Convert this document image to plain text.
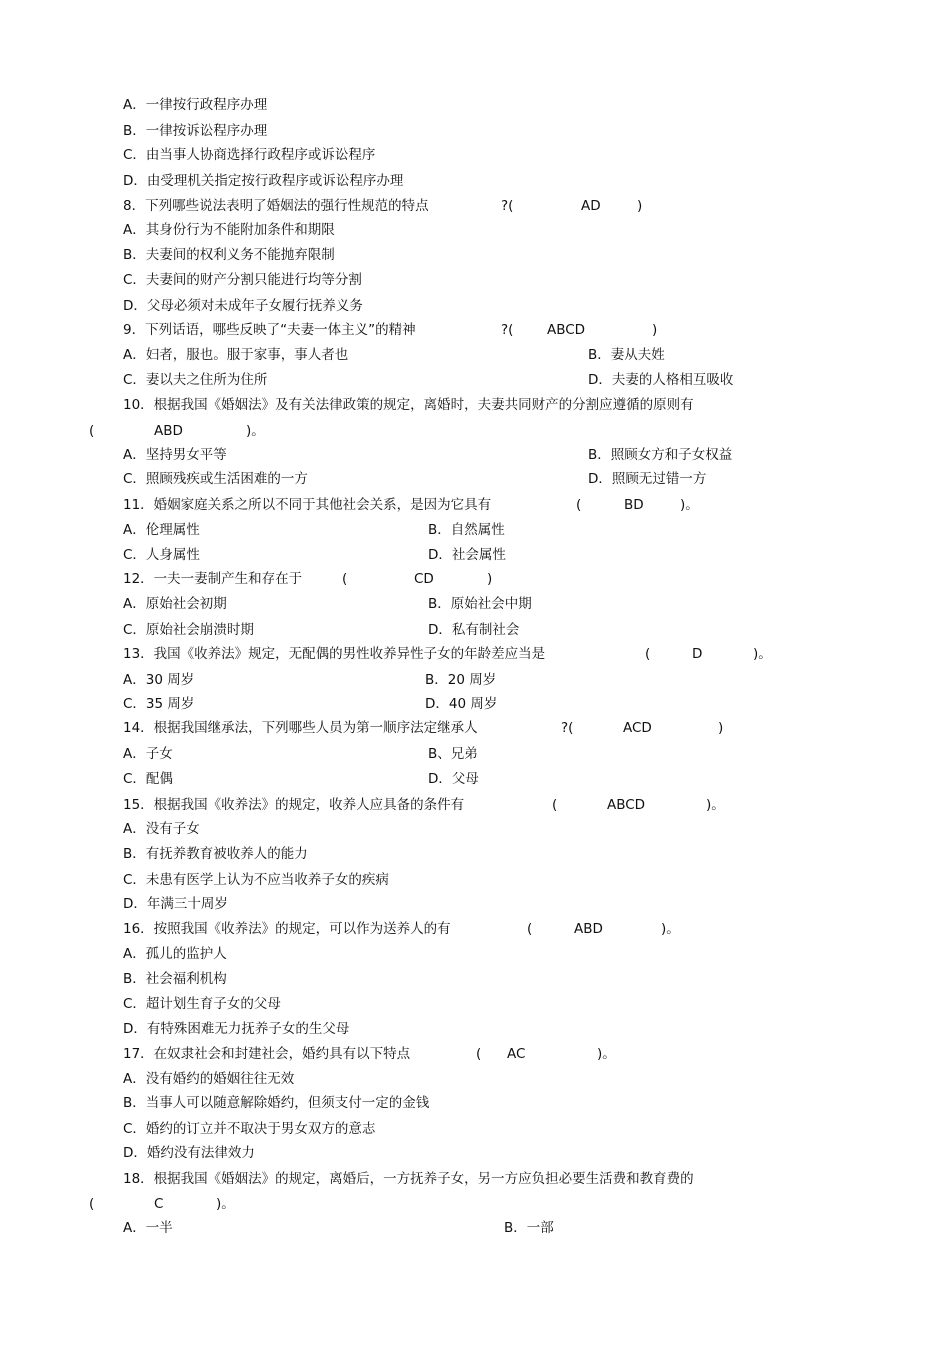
A．一律按行政程序办理
B．一律按诉讼程序办理
C．由当事人协商选择行政程序或诉讼程序
D．由受理机关指定按行政程序或诉讼程序办理
8．下列哪些说法表明了婚姻法的强行性规范的特点	?(	AD	)
A．其身份行为不能附加条件和期限
B．夫妻间的权利义务不能抛弃限制
C．夫妻间的财产分割只能进行均等分割
D．父母必须对未成年子女履行抚养义务
9．下列话语，哪些反映了“夫妻一体主义”的精神	?( ABCD	)
A．妇者，服也。服于家事，事人者也	B．妻从夫姓
C．妻以夫之住所为住所	D．夫妻的人格相互吸收
10．根据我国《婚姻法》及有关法律政策的规定，离婚时，夫妻共同财产的分割应遵循的原则有
(	ABD	)。
A．坚持男女平等	B．照顾女方和子女权益
C．照顾残疾或生活困难的一方	D．照顾无过错一方
11．婚姻家庭关系之所以不同于其他社会关系，是因为它具有	(	BD	)。
A．伦理属性	B．自然属性
C．人身属性	D．社会属性
12．一夫一妻制产生和存在于	(	CD	)
A．原始社会初期	B．原始社会中期
C．原始社会崩溃时期	D．私有制社会
13．我国《收养法》规定，无配偶的男性收养异性子女的年龄差应当是	(	D	)。
A．30 周岁	B．20 周岁
C．35 周岁	D．40 周岁
14．根据我国继承法，下列哪些人员为第一顺序法定继承人	?(	ACD	)
A．子女	B、兄弟
C．配偶	D．父母
15．根据我国《收养法》的规定，收养人应具备的条件有	(	ABCD	)。
A．没有子女
B．有抚养教育被收养人的能力
C．未患有医学上认为不应当收养子女的疾病
D．年满三十周岁
16．按照我国《收养法》的规定，可以作为送养人的有	(	ABD	)。
A．孤儿的监护人
B．社会福利机构
C．超计划生育子女的父母
D．有特殊困难无力抚养子女的生父母
17．在奴隶社会和封建社会，婚约具有以下特点	( AC	)。
A．没有婚约的婚姻往往无效
B．当事人可以随意解除婚约，但须支付一定的金钱
C．婚约的订立并不取决于男女双方的意志
D．婚约没有法律效力
18．根据我国《婚姻法》的规定，离婚后，一方抚养子女，另一方应负担必要生活费和教育费的
(	C	)。
A．一半	B．一部
